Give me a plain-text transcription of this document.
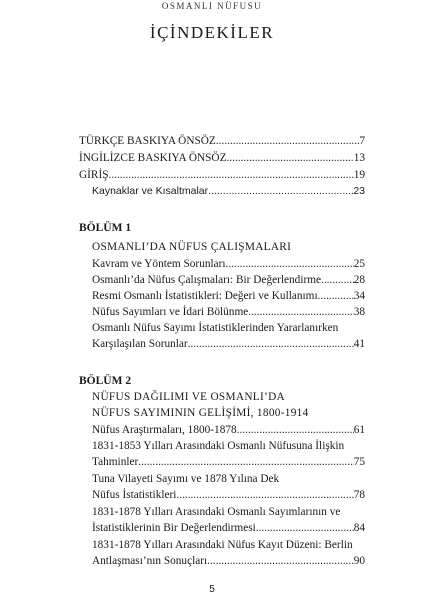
OSMANLI NÜFUSU
İÇİNDEKİLER
TÜRKÇE BASKIYA ÖNSÖZ .....	7
İNGİLİZCE BASKIYA ÖNSÖZ .....	13
GİRİŞ .....	19
Kaynaklar ve Kısaltmalar .....	23
BÖLÜM 1
OSMANLI’DA NÜFUS ÇALIŞMALARI
Kavram ve Yöntem Sorunları .....	25
Osmanlı’da Nüfus Çalışmaları: Bir Değerlendirme .....	28
Resmi Osmanlı İstatistikleri: Değeri ve Kullanımı .....	34
Nüfus Sayımları ve İdari Bölünme .....	38
Osmanlı Nüfus Sayımı İstatistiklerinden Yararlanırken
Karşılaşılan Sorunlar .....	41
BÖLÜM 2
NÜFUS DAĞILIMI VE OSMANLI’DA
NÜFUS SAYIMININ GELİŞİMİ, 1800-1914
Nüfus Araştırmaları, 1800-1878 .....	61
1831-1853 Yılları Arasındaki Osmanlı Nüfusuna İlişkin
Tahminler .....	75
Tuna Vilayeti Sayımı ve 1878 Yılına Dek
Nüfus İstatistikleri .....	78
1831-1878 Yılları Arasındaki Osmanlı Sayımlarının ve
İstatistiklerinin Bir Değerlendirmesi .....	84
1831-1878 Yılları Arasındaki Nüfus Kayıt Düzeni: Berlin
Antlaşması’nın Sonuçları .....	90
5
